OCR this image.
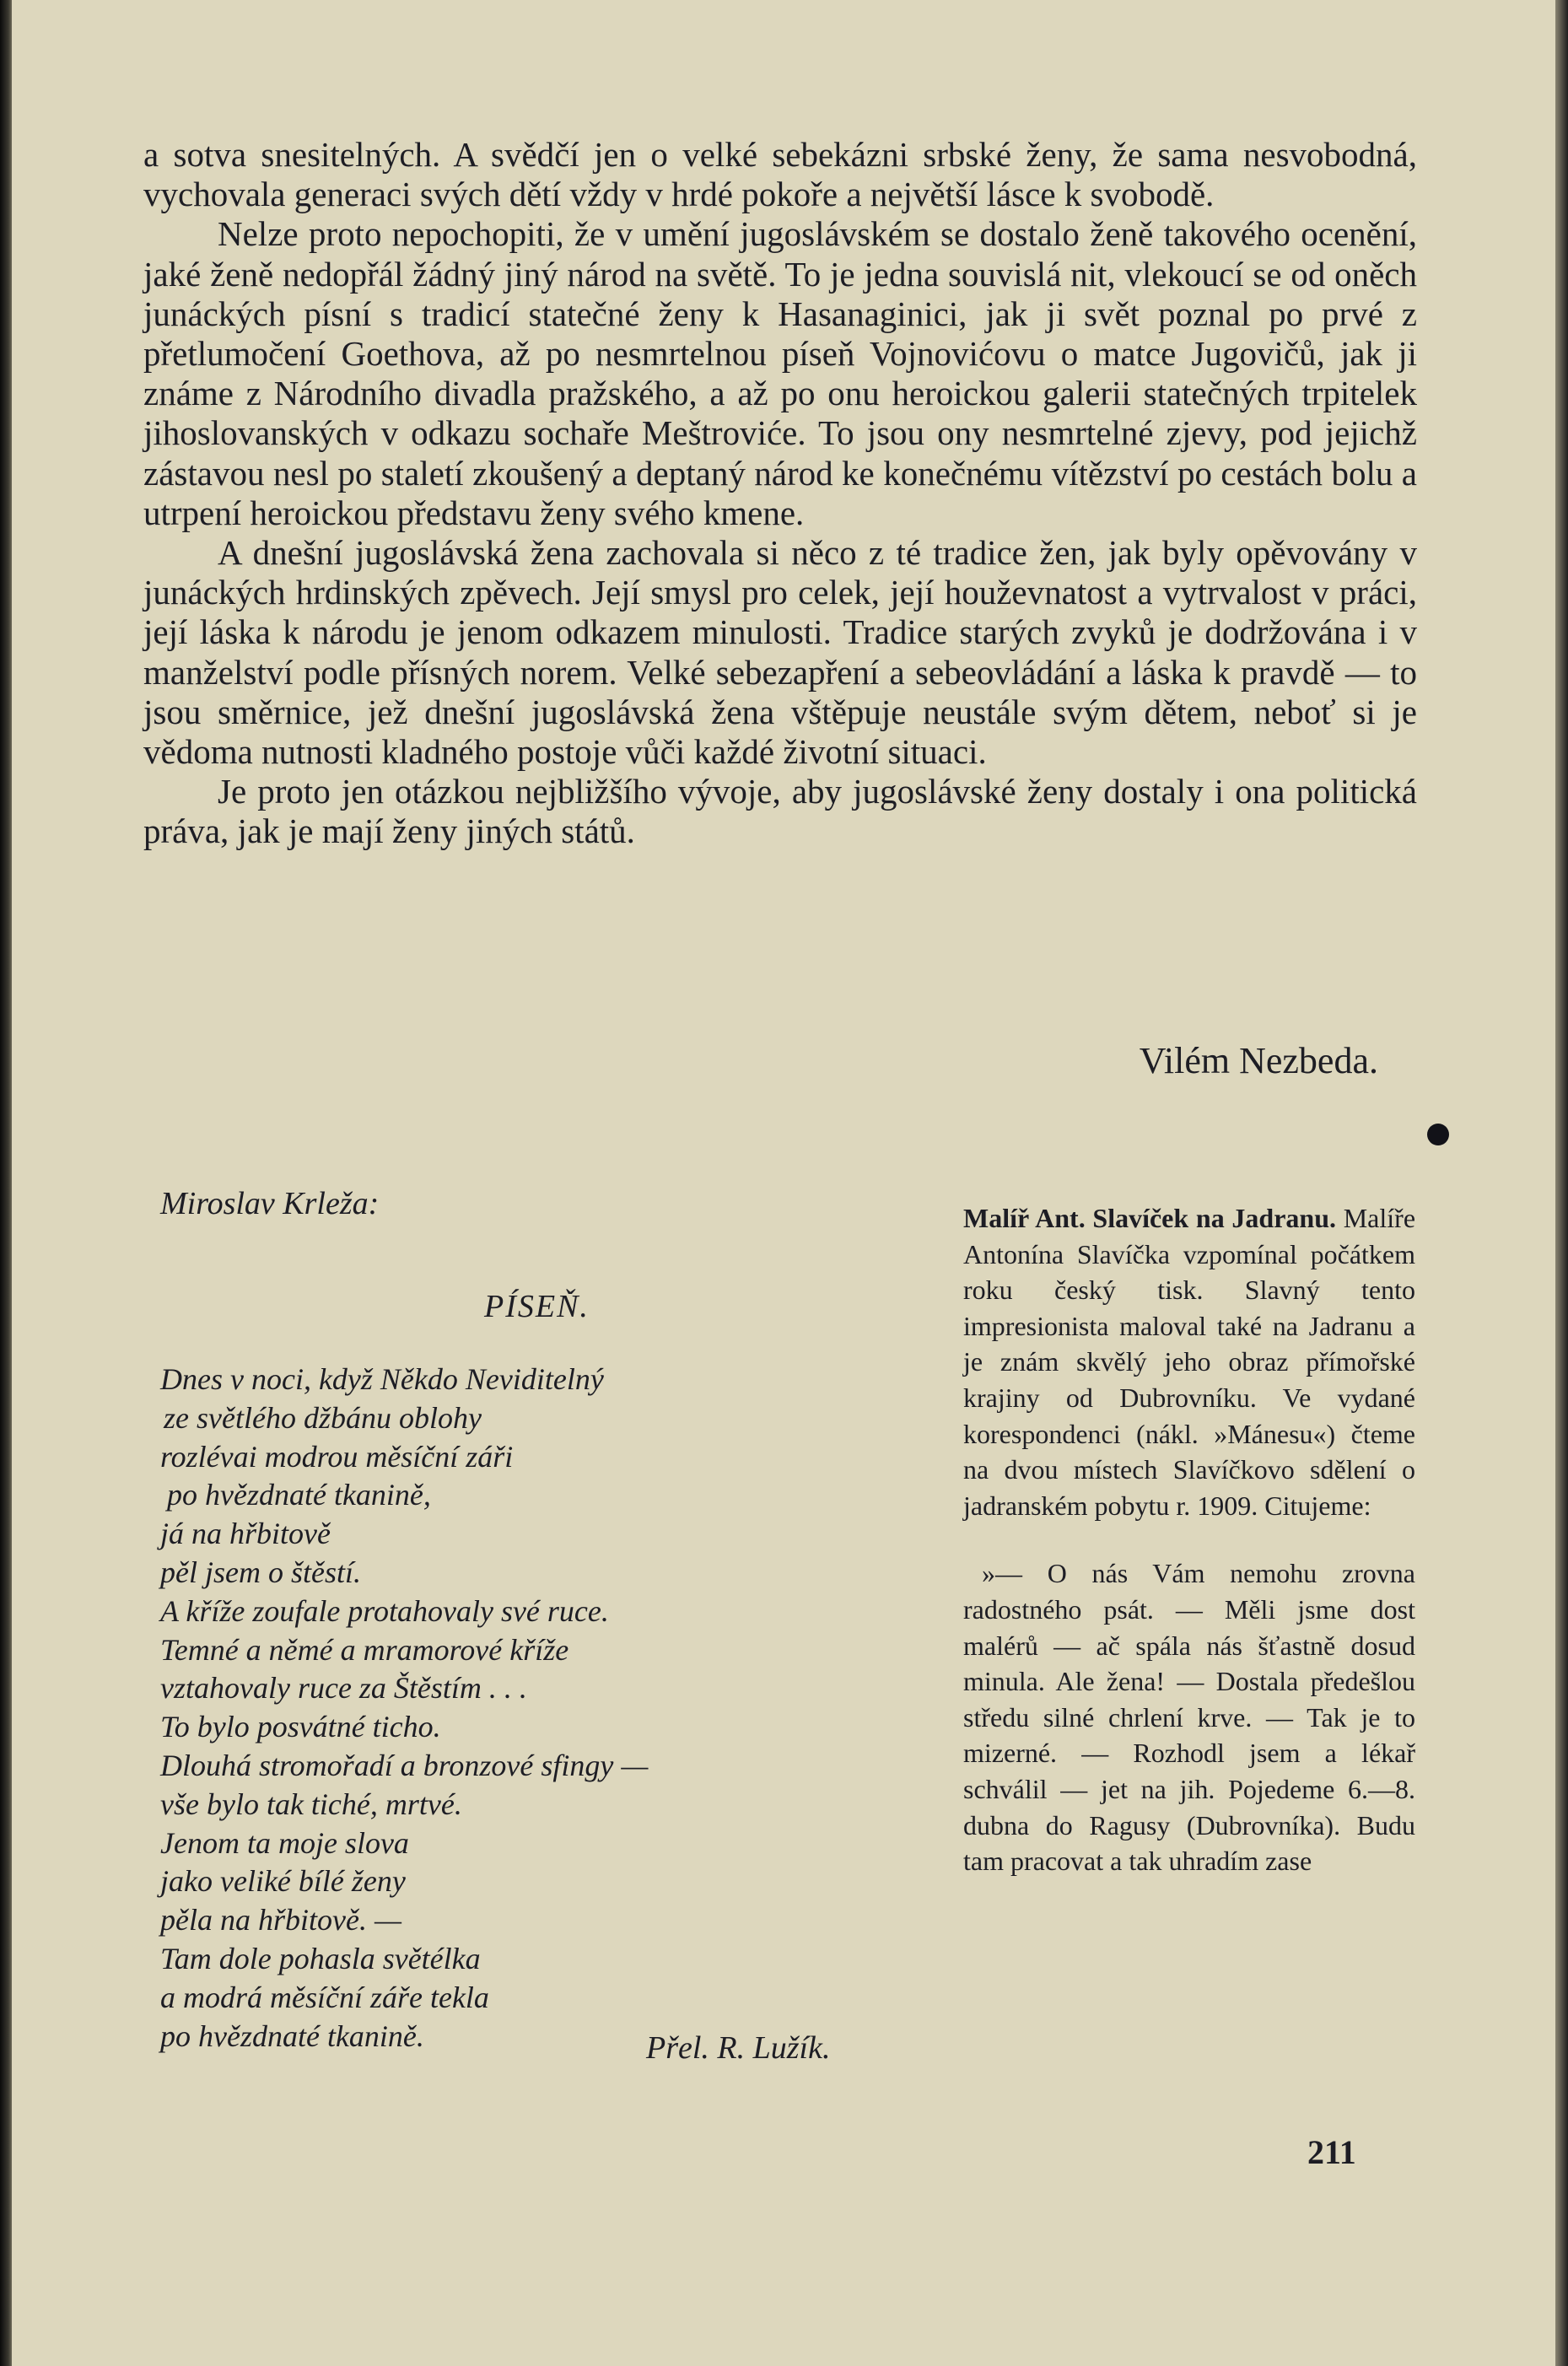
a sotva snesitelných. A svědčí jen o velké sebekázni srbské ženy, že sama nesvobodná, vychovala generaci svých dětí vždy v hrdé pokoře a největší lásce k svobodě.

Nelze proto nepochopiti, že v umění jugoslávském se dostalo ženě takového ocenění, jaké ženě nedopřál žádný jiný národ na světě. To je jedna souvislá nit, vlekoucí se od oněch junáckých písní s tradicí statečné ženy k Hasanaginici, jak ji svět poznal po prvé z přetlumočení Goethova, až po nesmrtelnou píseň Vojnovićovu o matce Jugovičů, jak ji známe z Národního divadla pražského, a až po onu heroickou galerii statečných trpitelek jihoslovanských v odkazu sochaře Meštroviće. To jsou ony nesmrtelné zjevy, pod jejichž zástavou nesl po staletí zkoušený a deptaný národ ke konečnému vítězství po cestách bolu a utrpení heroickou představu ženy svého kmene.

A dnešní jugoslávská žena zachovala si něco z té tradice žen, jak byly opěvovány v junáckých hrdinských zpěvech. Její smysl pro celek, její houževnatost a vytrvalost v práci, její láska k národu je jenom odkazem minulosti. Tradice starých zvyků je dodržována i v manželství podle přísných norem. Velké sebezapření a sebeovládání a láska k pravdě — to jsou směrnice, jež dnešní jugoslávská žena vštěpuje neustále svým dětem, neboť si je vědoma nutnosti kladného postoje vůči každé životní situaci.

Je proto jen otázkou nejbližšího vývoje, aby jugoslávské ženy dostaly i ona politická práva, jak je mají ženy jiných států.

Vilém Nezbeda.

Miroslav Krleža:

PÍSEŇ.

Dnes v noci, když Někdo Neviditelný
ze světlého džbánu oblohy
rozlévai modrou měsíční záři
po hvězdnaté tkanině,
já na hřbitově
pěl jsem o štěstí.
A kříže zoufale protahovaly své ruce.
Temné a němé a mramorové kříže
vztahovaly ruce za Štěstím . . .
To bylo posvátné ticho.
Dlouhá stromořadí a bronzové sfingy —
vše bylo tak tiché, mrtvé.
Jenom ta moje slova
jako veliké bílé ženy
pěla na hřbitově. —
Tam dole pohasla světélka
a modrá měsíční záře tekla
po hvězdnaté tkanině.	Přel. R. Lužík.

Malíř Ant. Slavíček na Jadranu. Malíře Antonína Slavíčka vzpomínal počátkem roku český tisk. Slavný tento impresionista maloval také na Jadranu a je znám skvělý jeho obraz přímořské krajiny od Dubrovníku. Ve vydané korespondenci (nákl. »Mánesu«) čteme na dvou místech Slavíčkovo sdělení o jadranském pobytu r. 1909. Citujeme:

»— O nás Vám nemohu zrovna radostného psát. — Měli jsme dost malérů — ač spála nás šťastně dosud minula. Ale žena! — Dostala předešlou středu silné chrlení krve. — Tak je to mizerné. — Rozhodl jsem a lékař schválil — jet na jih. Pojedeme 6.—8. dubna do Ragusy (Dubrovníka). Budu tam pracovat a tak uhradím zase

211
